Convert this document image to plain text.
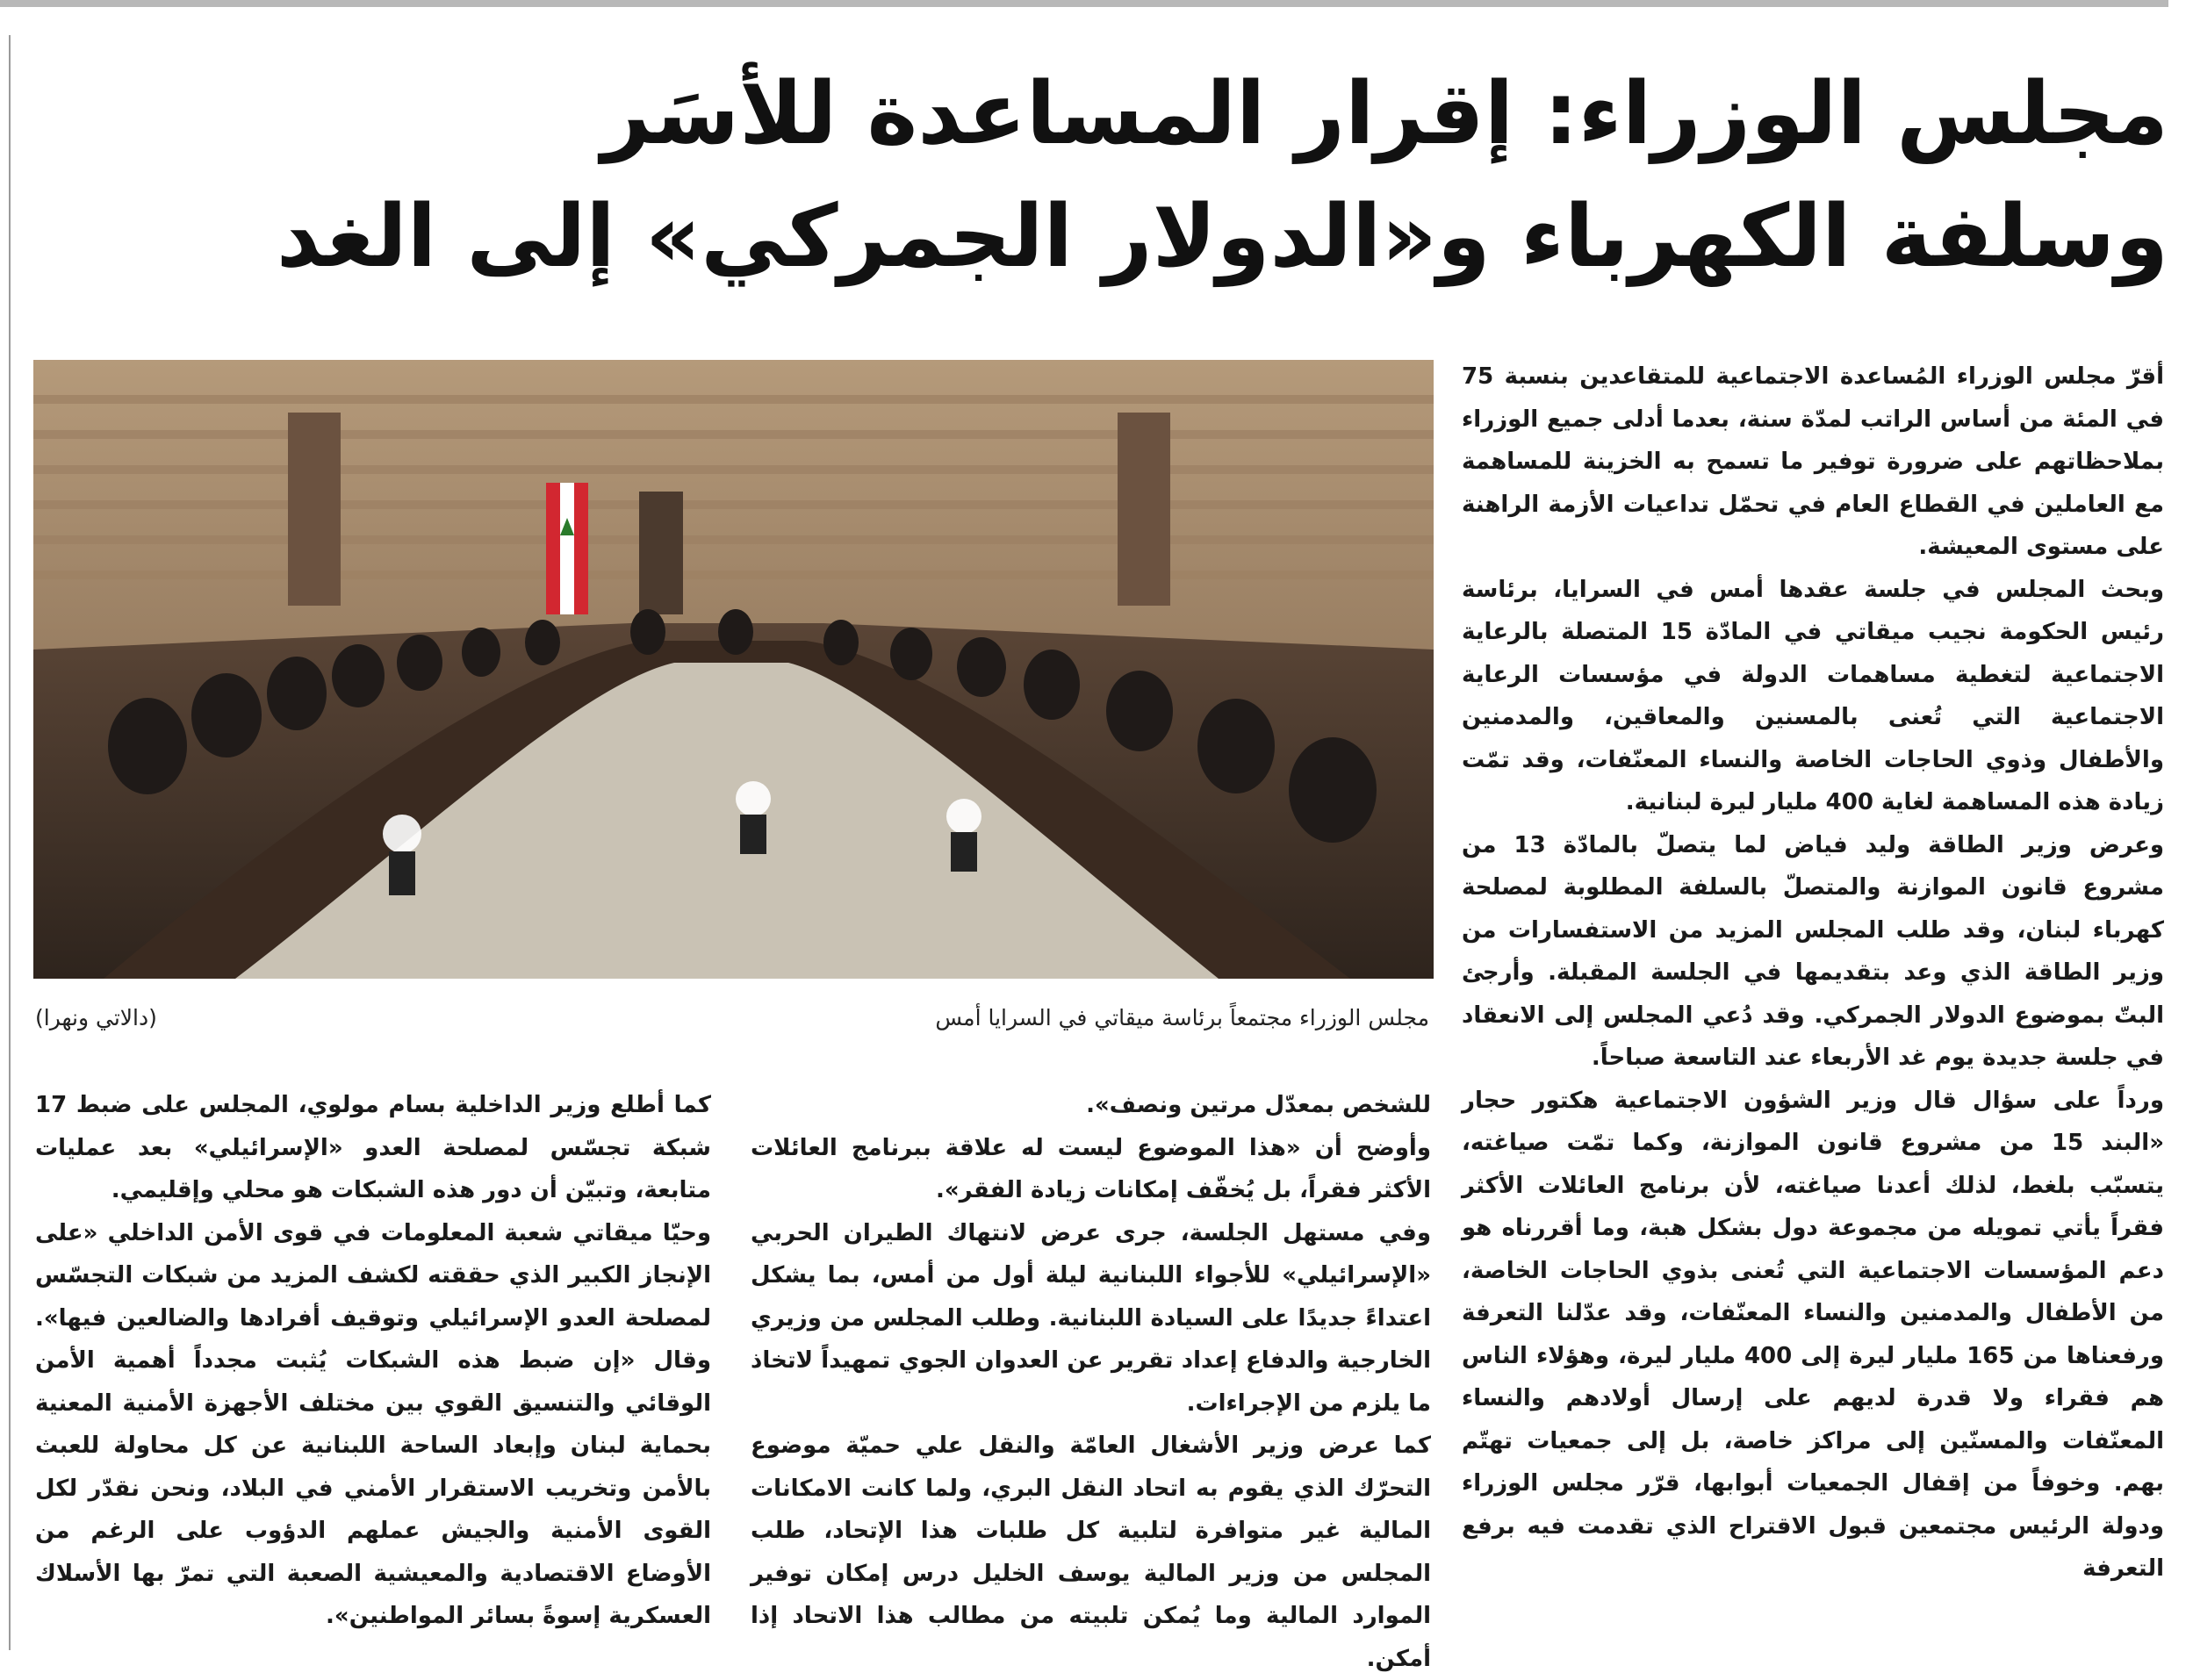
مجلس الوزراء: إقرار المساعدة للأسَر
وسلفة الكهرباء و«الدولار الجمركي» إلى الغد
مجلس الوزراء مجتمعاً برئاسة ميقاتي في السرايا أمس
(دالاتي ونهرا)

أقرّ مجلس الوزراء المُساعدة الاجتماعية للمتقاعدين بنسبة 75 في المئة من أساس الراتب لمدّة سنة، بعدما أدلى جميع الوزراء بملاحظاتهم على ضرورة توفير ما تسمح به الخزينة للمساهمة مع العاملين في القطاع العام في تحمّل تداعيات الأزمة الراهنة على مستوى المعيشة.

وبحث المجلس في جلسة عقدها أمس في السرايا، برئاسة رئيس الحكومة نجيب ميقاتي في المادّة 15 المتصلة بالرعاية الاجتماعية لتغطية مساهمات الدولة في مؤسسات الرعاية الاجتماعية التي تُعنى بالمسنين والمعاقين، والمدمنين والأطفال وذوي الحاجات الخاصة والنساء المعنّفات، وقد تمّت زيادة هذه المساهمة لغاية 400 مليار ليرة لبنانية.

وعرض وزير الطاقة وليد فياض لما يتصلّ بالمادّة 13 من مشروع قانون الموازنة والمتصلّ بالسلفة المطلوبة لمصلحة كهرباء لبنان، وقد طلب المجلس المزيد من الاستفسارات من وزير الطاقة الذي وعد بتقديمها في الجلسة المقبلة. وأرجئ البتّ بموضوع الدولار الجمركي. وقد دُعي المجلس إلى الانعقاد في جلسة جديدة يوم غد الأربعاء عند التاسعة صباحاً.

ورداً على سؤال قال وزير الشؤون الاجتماعية هكتور حجار «البند 15 من مشروع قانون الموازنة، وكما تمّت صياغته، يتسبّب بلغط، لذلك أعدنا صياغته، لأن برنامج العائلات الأكثر فقراً يأتي تمويله من مجموعة دول بشكل هبة، وما أقررناه هو دعم المؤسسات الاجتماعية التي تُعنى بذوي الحاجات الخاصة، من الأطفال والمدمنين والنساء المعنّفات، وقد عدّلنا التعرفة ورفعناها من 165 مليار ليرة إلى 400 مليار ليرة، وهؤلاء الناس هم فقراء ولا قدرة لديهم على إرسال أولادهم والنساء المعنّفات والمسنّين إلى مراكز خاصة، بل إلى جمعيات تهتّم بهم. وخوفاً من إقفال الجمعيات أبوابها، قرّر مجلس الوزراء ودولة الرئيس مجتمعين قبول الاقتراح الذي تقدمت فيه برفع التعرفة

للشخص بمعدّل مرتين ونصف».

وأوضح أن «هذا الموضوع ليست له علاقة ببرنامج العائلات الأكثر فقراً، بل يُخفّف إمكانات زيادة الفقر».

وفي مستهل الجلسة، جرى عرض لانتهاك الطيران الحربي «الإسرائيلي» للأجواء اللبنانية ليلة أول من أمس، بما يشكل اعتداءً جديدًا على السيادة اللبنانية. وطلب المجلس من وزيري الخارجية والدفاع إعداد تقرير عن العدوان الجوي تمهيداً لاتخاذ ما يلزم من الإجراءات.

كما عرض وزير الأشغال العامّة والنقل علي حميّة موضوع التحرّك الذي يقوم به اتحاد النقل البري، ولما كانت الامكانات المالية غير متوافرة لتلبية كل طلبات هذا الإتحاد، طلب المجلس من وزير المالية يوسف الخليل درس إمكان توفير الموارد المالية وما يُمكن تلبيته من مطالب هذا الاتحاد إذا أمكن.

كما أطلع وزير الداخلية بسام مولوي، المجلس على ضبط 17 شبكة تجسّس لمصلحة العدو «الإسرائيلي» بعد عمليات متابعة، وتبيّن أن دور هذه الشبكات هو محلي وإقليمي.

وحيّا ميقاتي شعبة المعلومات في قوى الأمن الداخلي «على الإنجاز الكبير الذي حققته لكشف المزيد من شبكات التجسّس لمصلحة العدو الإسرائيلي وتوقيف أفرادها والضالعين فيها». وقال «إن ضبط هذه الشبكات يُثبت مجدداً أهمية الأمن الوقائي والتنسيق القوي بين مختلف الأجهزة الأمنية المعنية بحماية لبنان وإبعاد الساحة اللبنانية عن كل محاولة للعبث بالأمن وتخريب الاستقرار الأمني في البلاد، ونحن نقدّر لكل القوى الأمنية والجيش عملهم الدؤوب على الرغم من الأوضاع الاقتصادية والمعيشية الصعبة التي تمرّ بها الأسلاك العسكرية إسوةً بسائر المواطنين».
